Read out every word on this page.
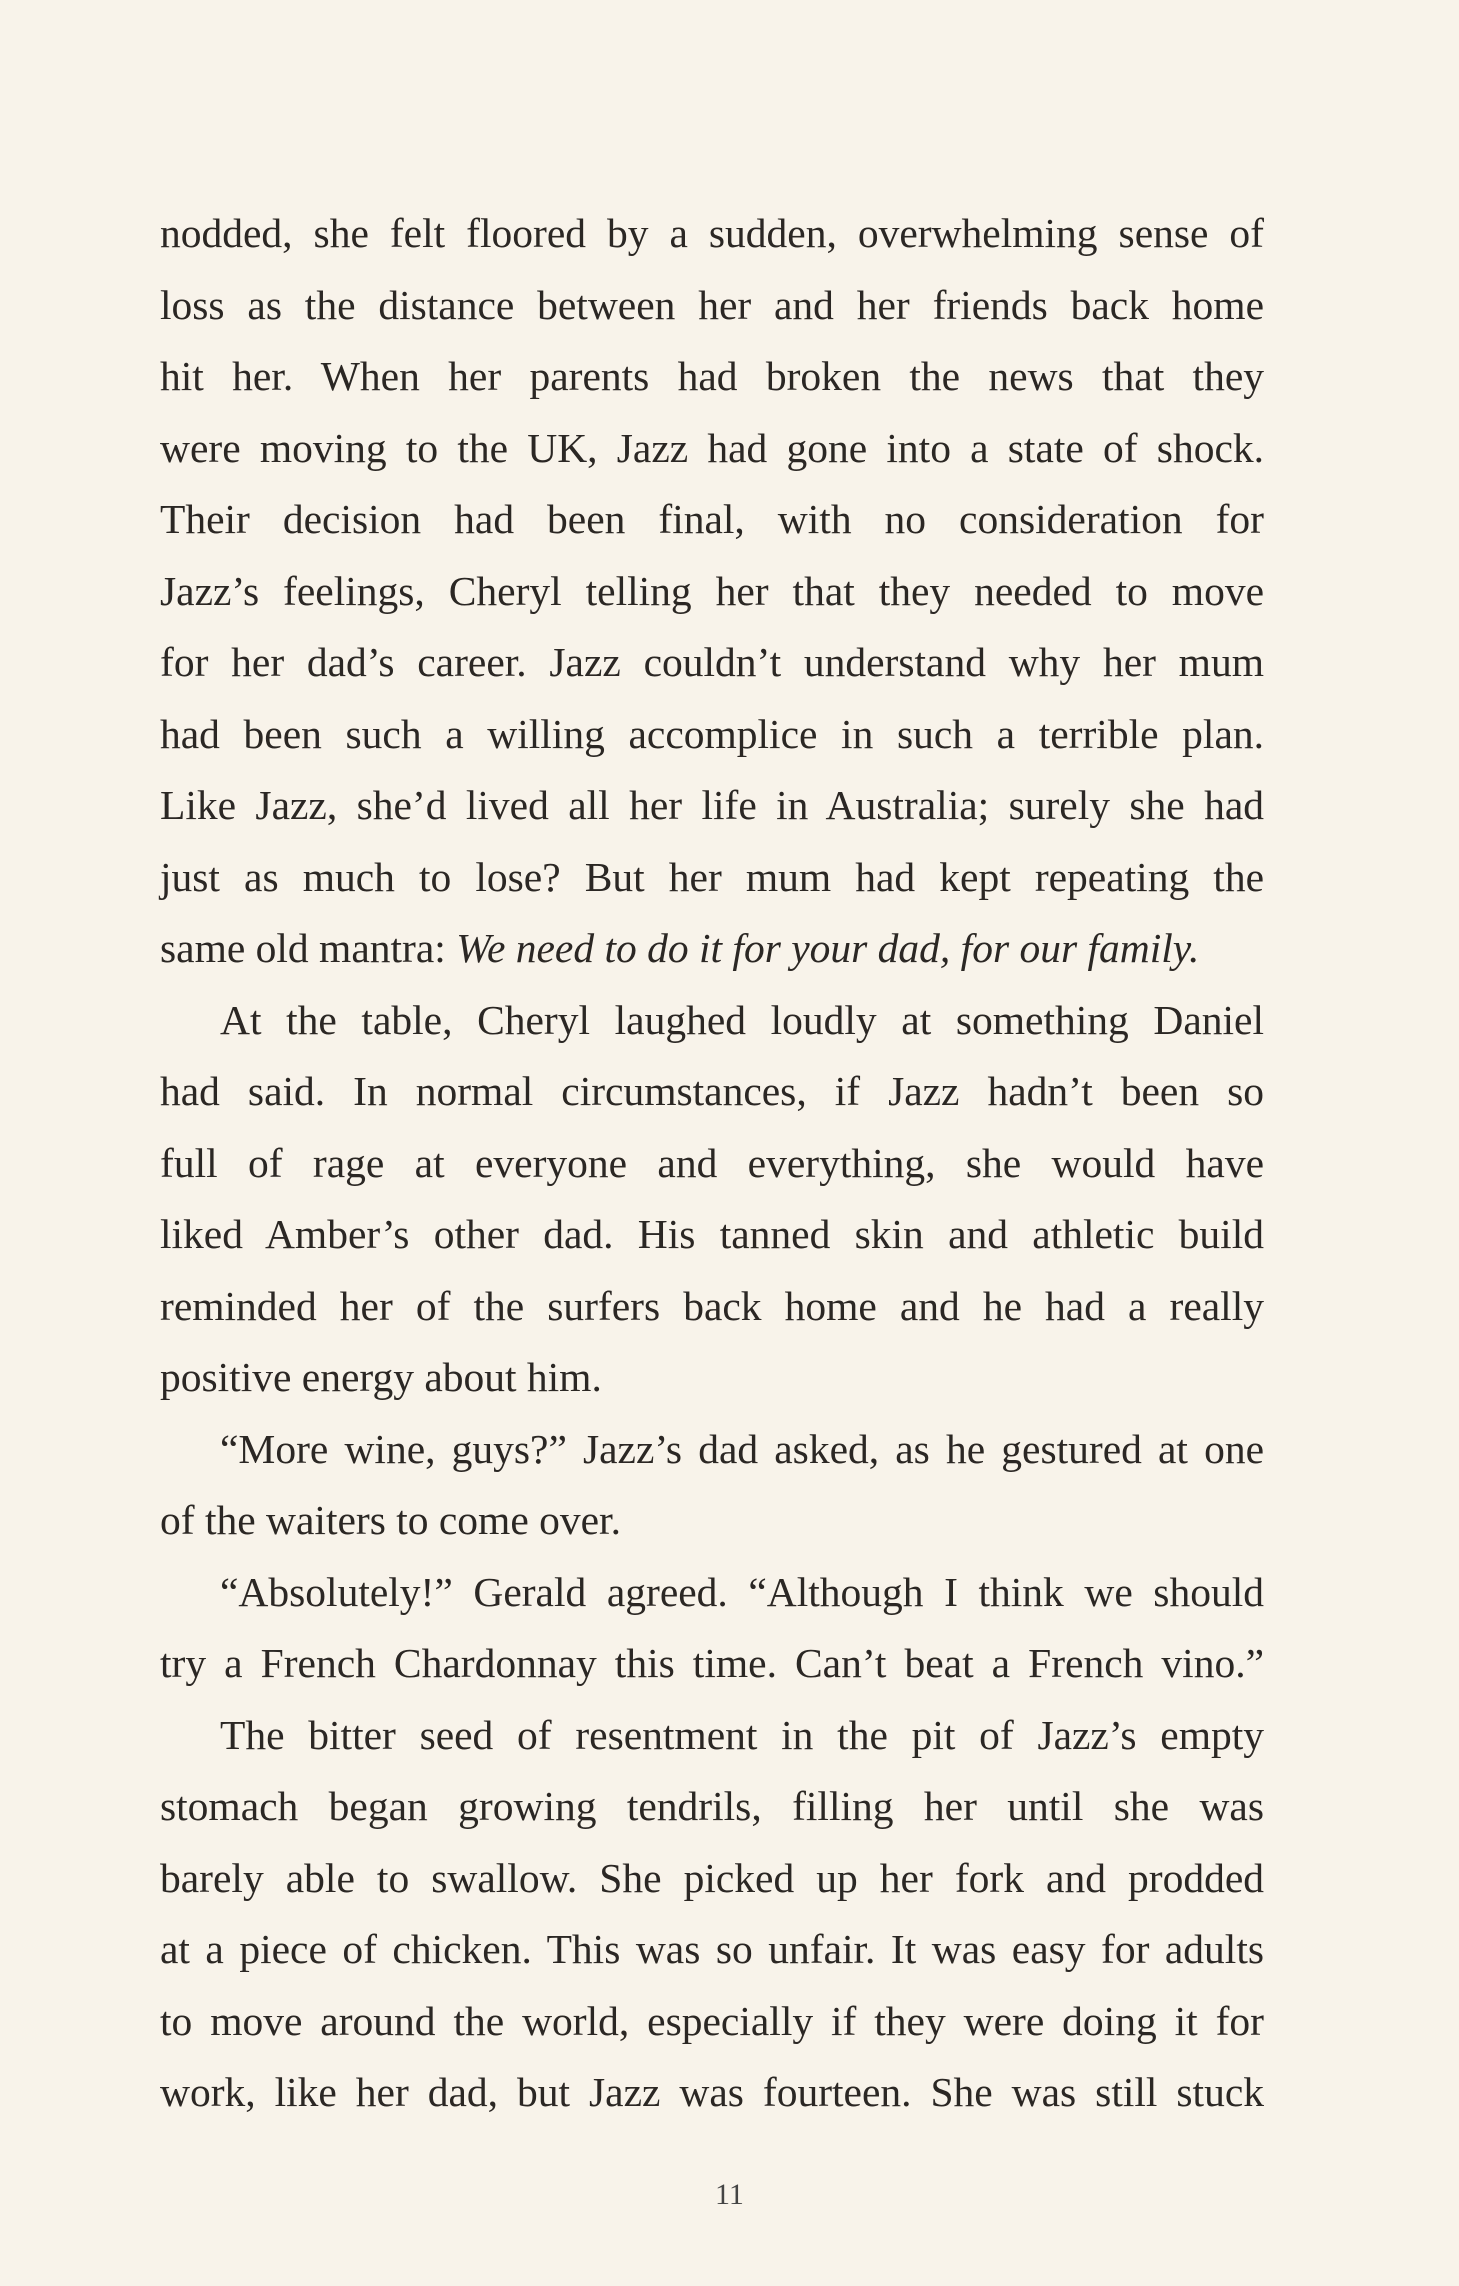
nodded, she felt floored by a sudden, overwhelming sense of
loss as the distance between her and her friends back home
hit her. When her parents had broken the news that they
were moving to the UK, Jazz had gone into a state of shock.
Their decision had been final, with no consideration for
Jazz’s feelings, Cheryl telling her that they needed to move
for her dad’s career. Jazz couldn’t understand why her mum
had been such a willing accomplice in such a terrible plan.
Like Jazz, she’d lived all her life in Australia; surely she had
just as much to lose? But her mum had kept repeating the
same old mantra: We need to do it for your dad, for our family.
At the table, Cheryl laughed loudly at something Daniel
had said. In normal circumstances, if Jazz hadn’t been so
full of rage at everyone and everything, she would have
liked Amber’s other dad. His tanned skin and athletic build
reminded her of the surfers back home and he had a really
positive energy about him.
“More wine, guys?” Jazz’s dad asked, as he gestured at one
of the waiters to come over.
“Absolutely!” Gerald agreed. “Although I think we should
try a French Chardonnay this time. Can’t beat a French vino.”
The bitter seed of resentment in the pit of Jazz’s empty
stomach began growing tendrils, filling her until she was
barely able to swallow. She picked up her fork and prodded
at a piece of chicken. This was so unfair. It was easy for adults
to move around the world, especially if they were doing it for
work, like her dad, but Jazz was fourteen. She was still stuck
11
